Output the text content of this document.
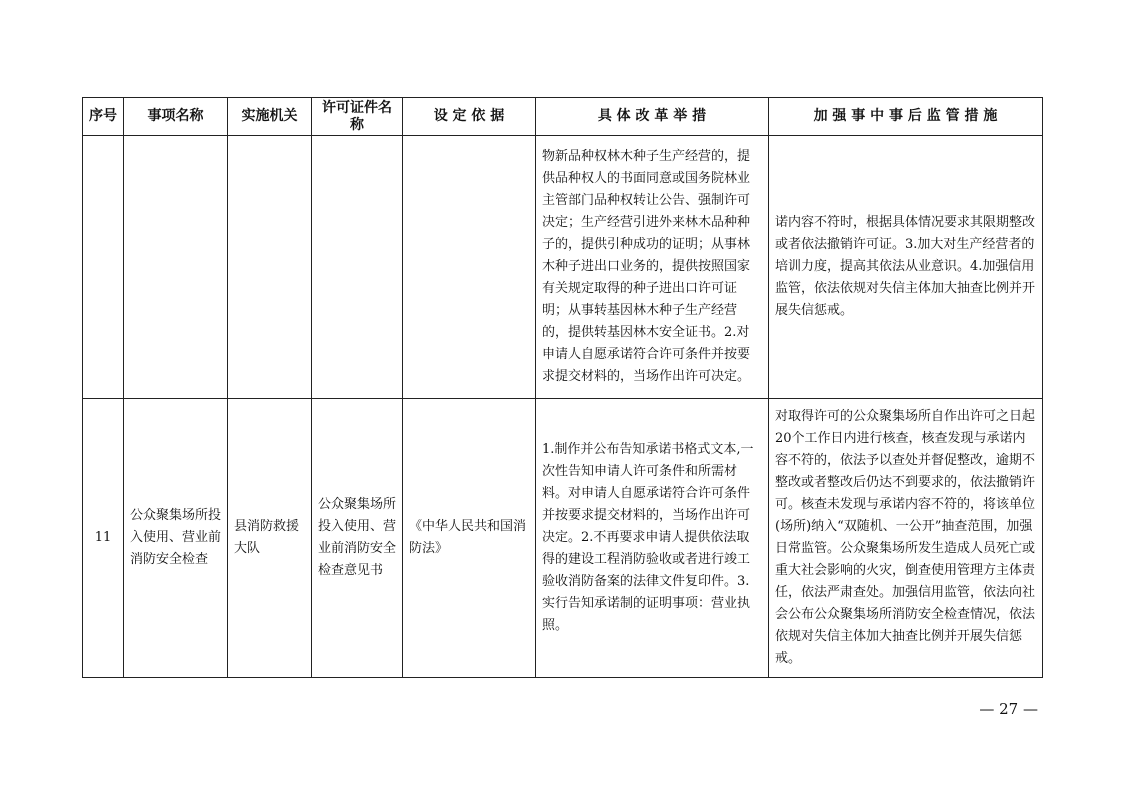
序号	事项名称	实施机关	许可证件名称	设 定 依 据	具 体 改 革 举 措	加 强 事 中 事 后 监 管 措 施
					物新品种权林木种子生产经营的，提供品种权人的书面同意或国务院林业主管部门品种权转让公告、强制许可决定；生产经营引进外来林木品种种子的，提供引种成功的证明；从事林木种子进出口业务的，提供按照国家有关规定取得的种子进出口许可证明；从事转基因林木种子生产经营的，提供转基因林木安全证书。2.对申请人自愿承诺符合许可条件并按要求提交材料的，当场作出许可决定。	诺内容不符时，根据具体情况要求其限期整改或者依法撤销许可证。3.加大对生产经营者的培训力度，提高其依法从业意识。4.加强信用监管，依法依规对失信主体加大抽查比例并开展失信惩戒。
11	公众聚集场所投入使用、营业前消防安全检查	县消防救援大队	公众聚集场所投入使用、营业前消防安全检查意见书	《中华人民共和国消防法》	1.制作并公布告知承诺书格式文本,一次性告知申请人许可条件和所需材料。对申请人自愿承诺符合许可条件并按要求提交材料的，当场作出许可决定。2.不再要求申请人提供依法取得的建设工程消防验收或者进行竣工验收消防备案的法律文件复印件。3.实行告知承诺制的证明事项：营业执照。	对取得许可的公众聚集场所自作出许可之日起20个工作日内进行核查，核查发现与承诺内容不符的，依法予以查处并督促整改，逾期不整改或者整改后仍达不到要求的，依法撤销许可。核查未发现与承诺内容不符的，将该单位(场所)纳入“双随机、一公开”抽查范围，加强日常监管。公众聚集场所发生造成人员死亡或重大社会影响的火灾，倒查使用管理方主体责任，依法严肃查处。加强信用监管，依法向社会公布公众聚集场所消防安全检查情况，依法依规对失信主体加大抽查比例并开展失信惩戒。
— 27 —
